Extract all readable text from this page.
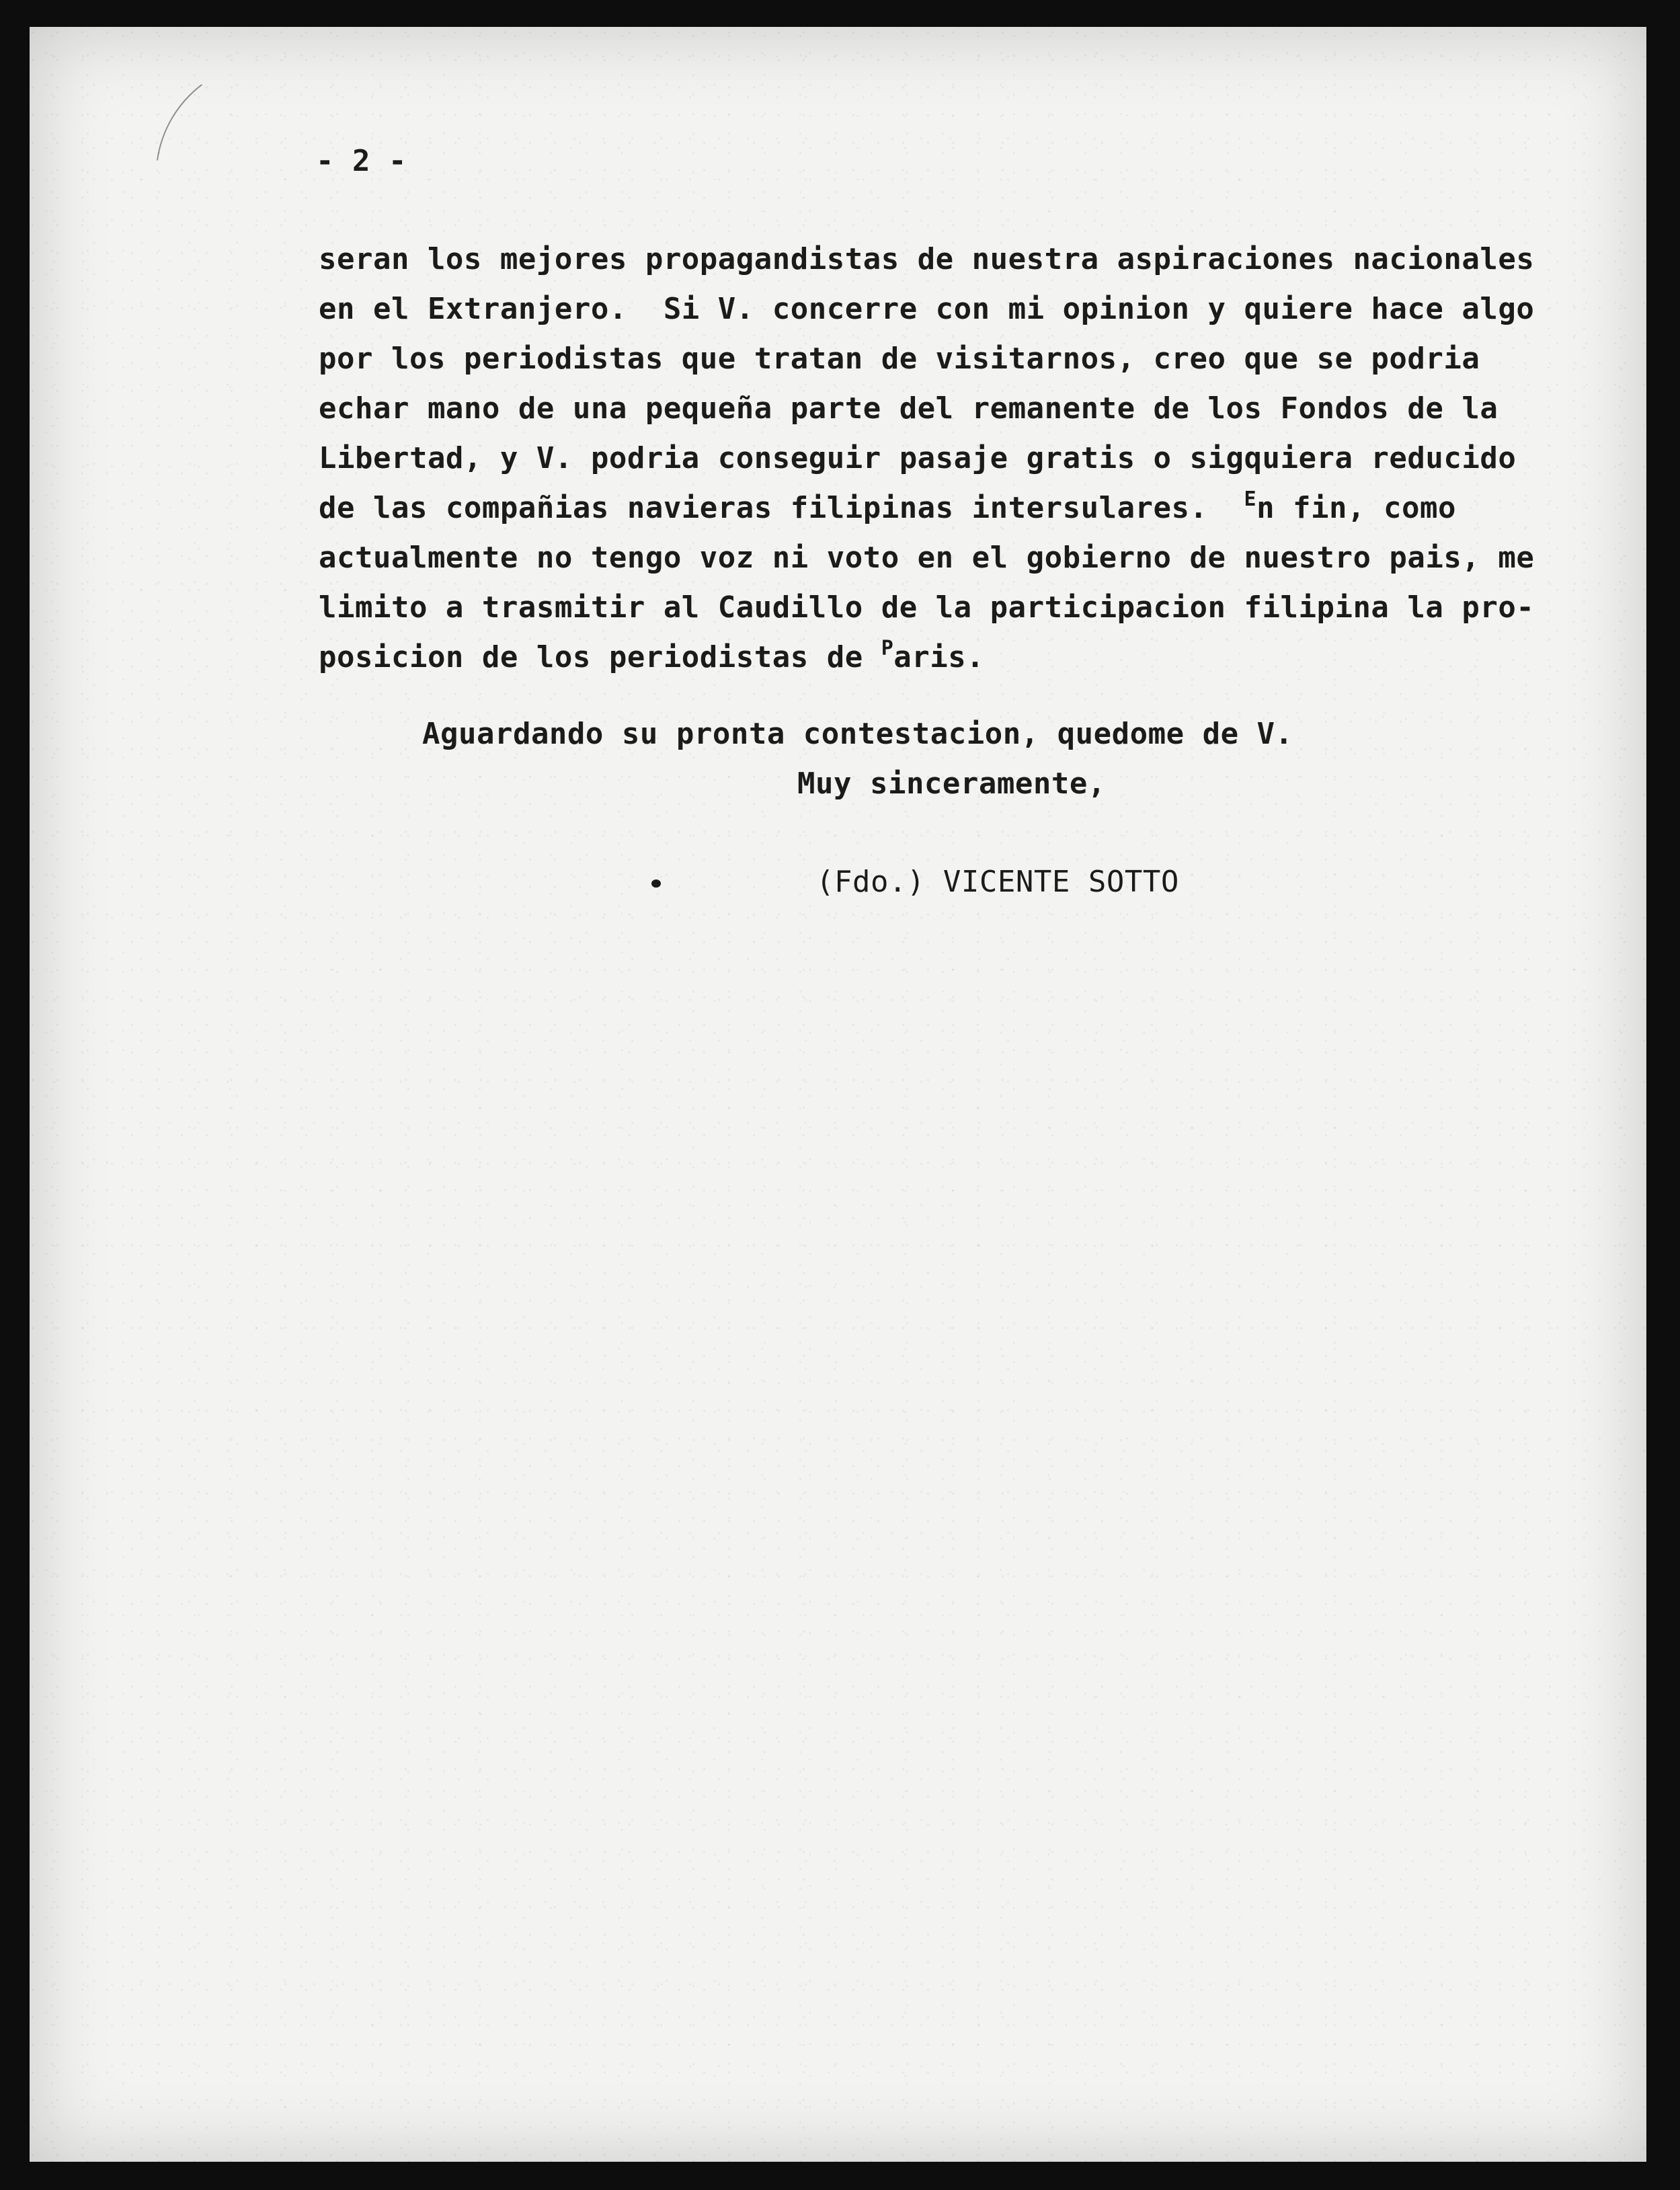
- 2 -
seran los mejores propagandistas de nuestra aspiraciones nacionales
en el Extranjero.  Si V. concerre con mi opinion y quiere hace algo
por los periodistas que tratan de visitarnos, creo que se podria
echar mano de una pequeña parte del remanente de los Fondos de la
Libertad, y V. podria conseguir pasaje gratis o sigquiera reducido
de las compañias navieras filipinas intersulares.  $^E$n fin, como
actualmente no tengo voz ni voto en el gobierno de nuestro pais, me
limito a trasmitir al Caudillo de la participacion filipina la pro-
posicion de los periodistas de $^P$aris.
Aguardando su pronta contestacion, quedome de V.
Muy sinceramente,
(Fdo.) VICENTE SOTTO
